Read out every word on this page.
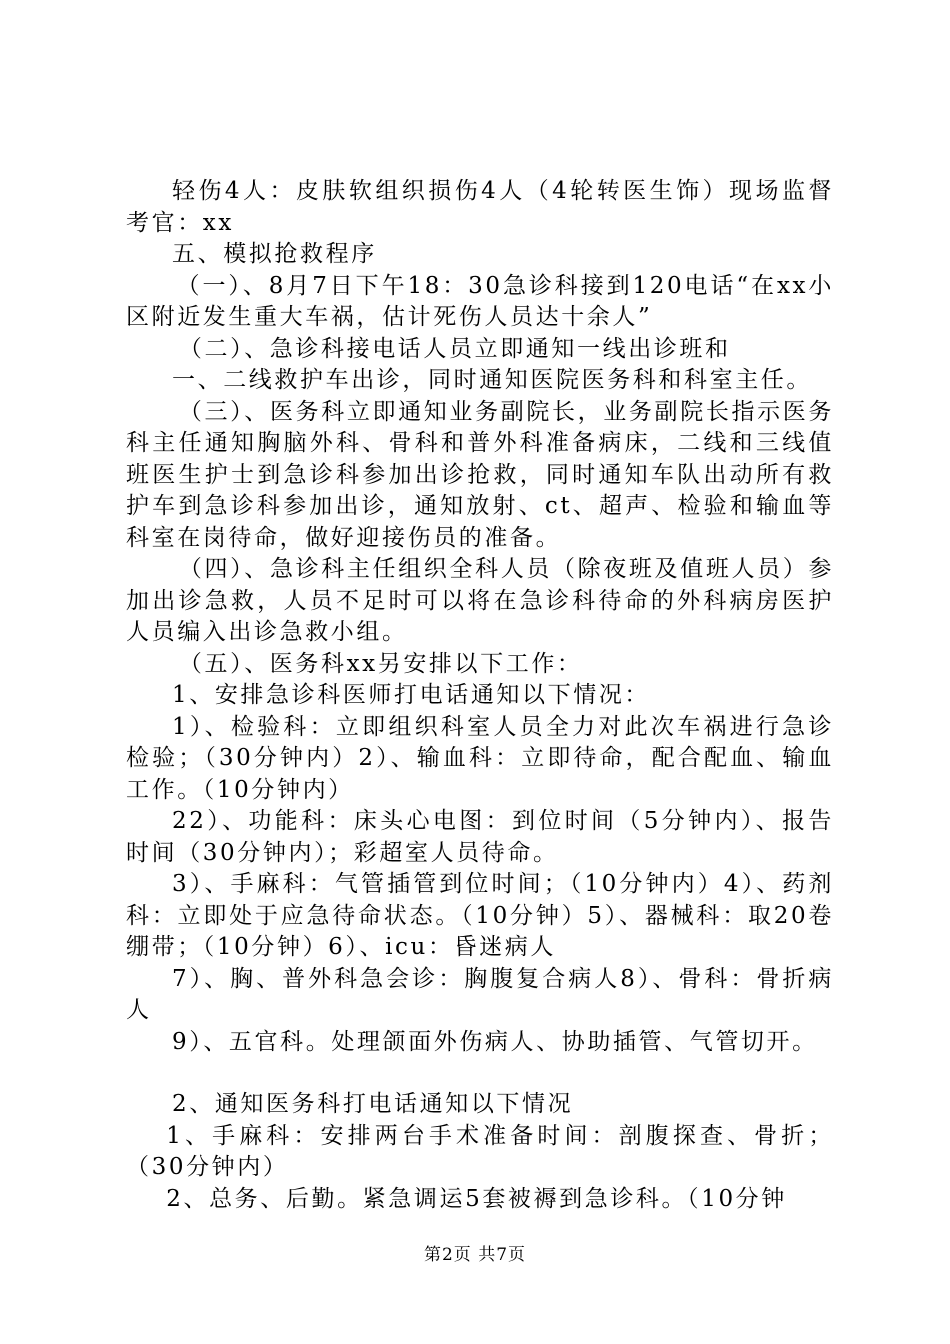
轻伤4人：皮肤软组织损伤4人（4轮转医生饰）现场监督考官：xx

五、模拟抢救程序

（一）、8月7日下午18：30急诊科接到120电话“在xx小区附近发生重大车祸，估计死伤人员达十余人”

（二）、急诊科接电话人员立即通知一线出诊班和

一、二线救护车出诊，同时通知医院医务科和科室主任。

（三）、医务科立即通知业务副院长，业务副院长指示医务科主任通知胸脑外科、骨科和普外科准备病床，二线和三线值班医生护士到急诊科参加出诊抢救，同时通知车队出动所有救护车到急诊科参加出诊，通知放射、ct、超声、检验和输血等科室在岗待命，做好迎接伤员的准备。

（四）、急诊科主任组织全科人员（除夜班及值班人员）参加出诊急救，人员不足时可以将在急诊科待命的外科病房医护人员编入出诊急救小组。

（五）、医务科xx另安排以下工作：

1、安排急诊科医师打电话通知以下情况：

1）、检验科：立即组织科室人员全力对此次车祸进行急诊检验；（30分钟内）2）、输血科：立即待命，配合配血、输血工作。（10分钟内）

22）、功能科：床头心电图：到位时间（5分钟内）、报告时间（30分钟内）；彩超室人员待命。

3）、手麻科：气管插管到位时间；（10分钟内）4）、药剂科：立即处于应急待命状态。（10分钟）5）、器械科：取20卷绷带；（10分钟）6）、icu：昏迷病人

7）、胸、普外科急会诊：胸腹复合病人8）、骨科：骨折病人

9）、五官科。处理颌面外伤病人、协助插管、气管切开。

2、通知医务科打电话通知以下情况

1、手麻科：安排两台手术准备时间：剖腹探查、骨折；（30分钟内）

2、总务、后勤。紧急调运5套被褥到急诊科。（10分钟

第2页 共7页
